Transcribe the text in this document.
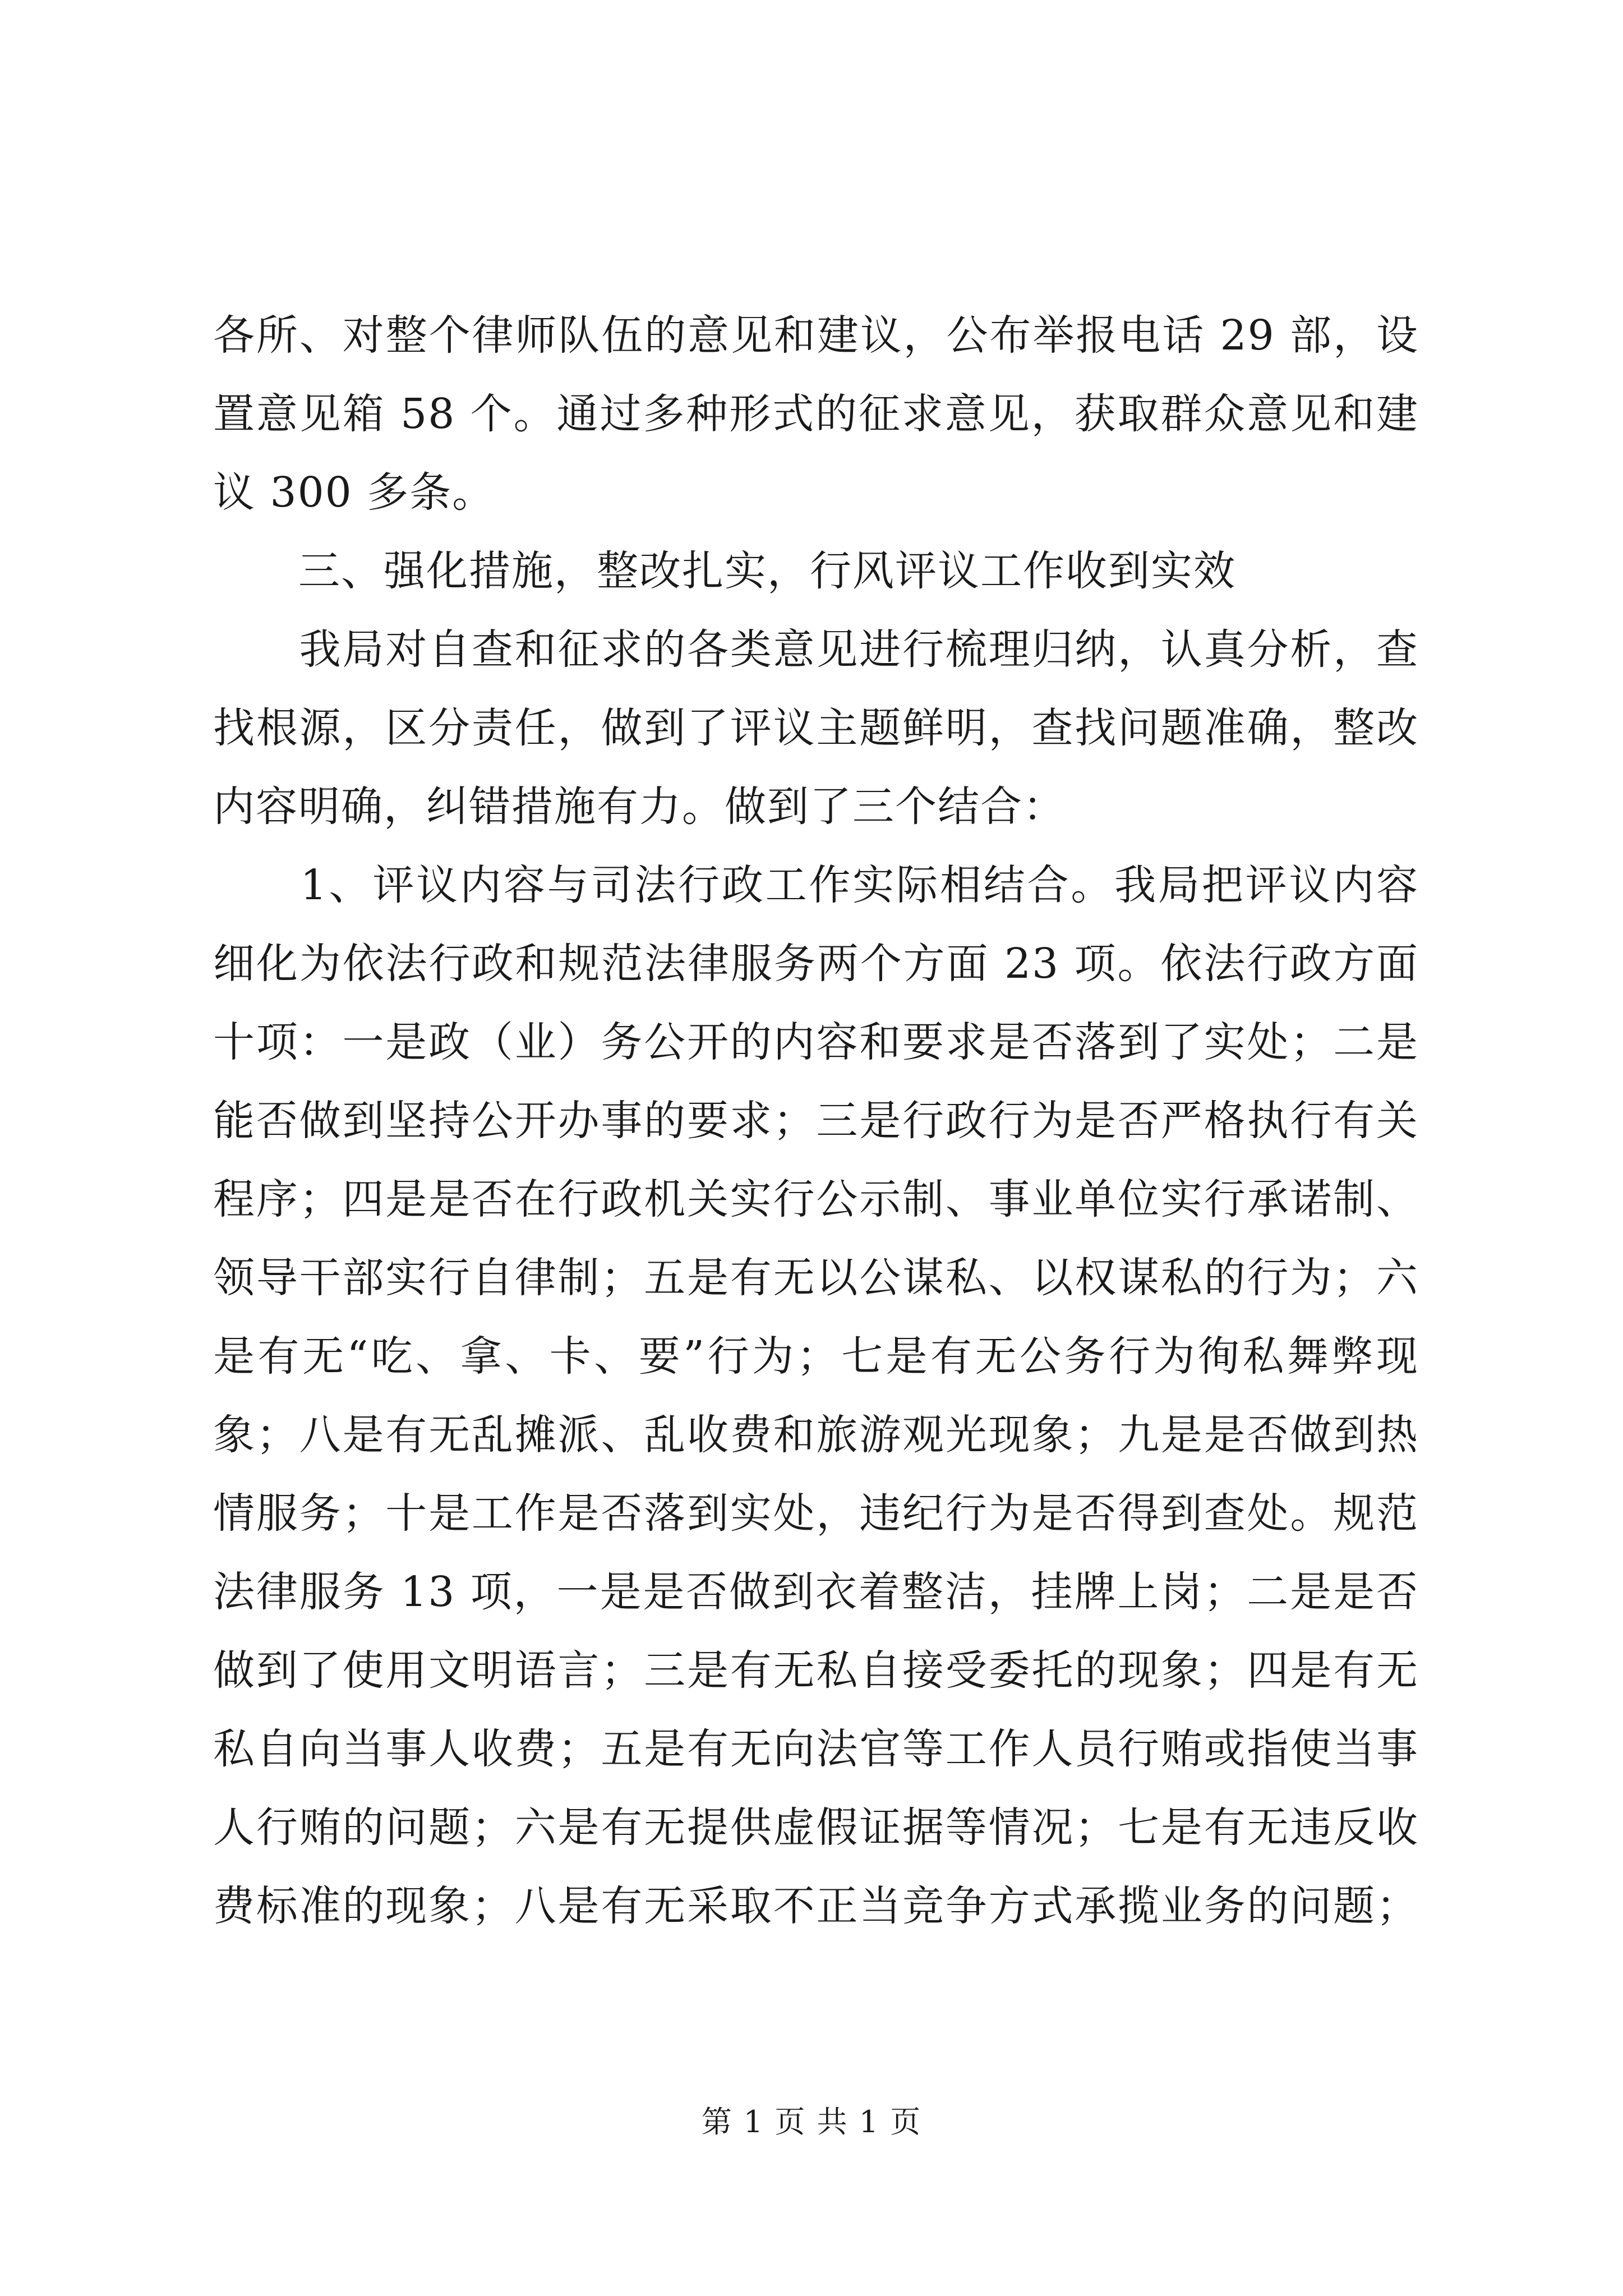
各所、对整个律师队伍的意见和建议，公布举报电话 29 部，设
置意见箱 58 个。通过多种形式的征求意见，获取群众意见和建
议 300 多条。
　　三、强化措施，整改扎实，行风评议工作收到实效
　　我局对自查和征求的各类意见进行梳理归纳，认真分析，查
找根源，区分责任，做到了评议主题鲜明，查找问题准确，整改
内容明确，纠错措施有力。做到了三个结合：
　　1、评议内容与司法行政工作实际相结合。我局把评议内容
细化为依法行政和规范法律服务两个方面 23 项。依法行政方面
十项：一是政（业）务公开的内容和要求是否落到了实处；二是
能否做到坚持公开办事的要求；三是行政行为是否严格执行有关
程序；四是是否在行政机关实行公示制、事业单位实行承诺制、
领导干部实行自律制；五是有无以公谋私、以权谋私的行为；六
是有无“吃、拿、卡、要”行为；七是有无公务行为徇私舞弊现
象；八是有无乱摊派、乱收费和旅游观光现象；九是是否做到热
情服务；十是工作是否落到实处，违纪行为是否得到查处。规范
法律服务 13 项，一是是否做到衣着整洁，挂牌上岗；二是是否
做到了使用文明语言；三是有无私自接受委托的现象；四是有无
私自向当事人收费；五是有无向法官等工作人员行贿或指使当事
人行贿的问题；六是有无提供虚假证据等情况；七是有无违反收
费标准的现象；八是有无采取不正当竞争方式承揽业务的问题；
第 1 页 共 1 页
